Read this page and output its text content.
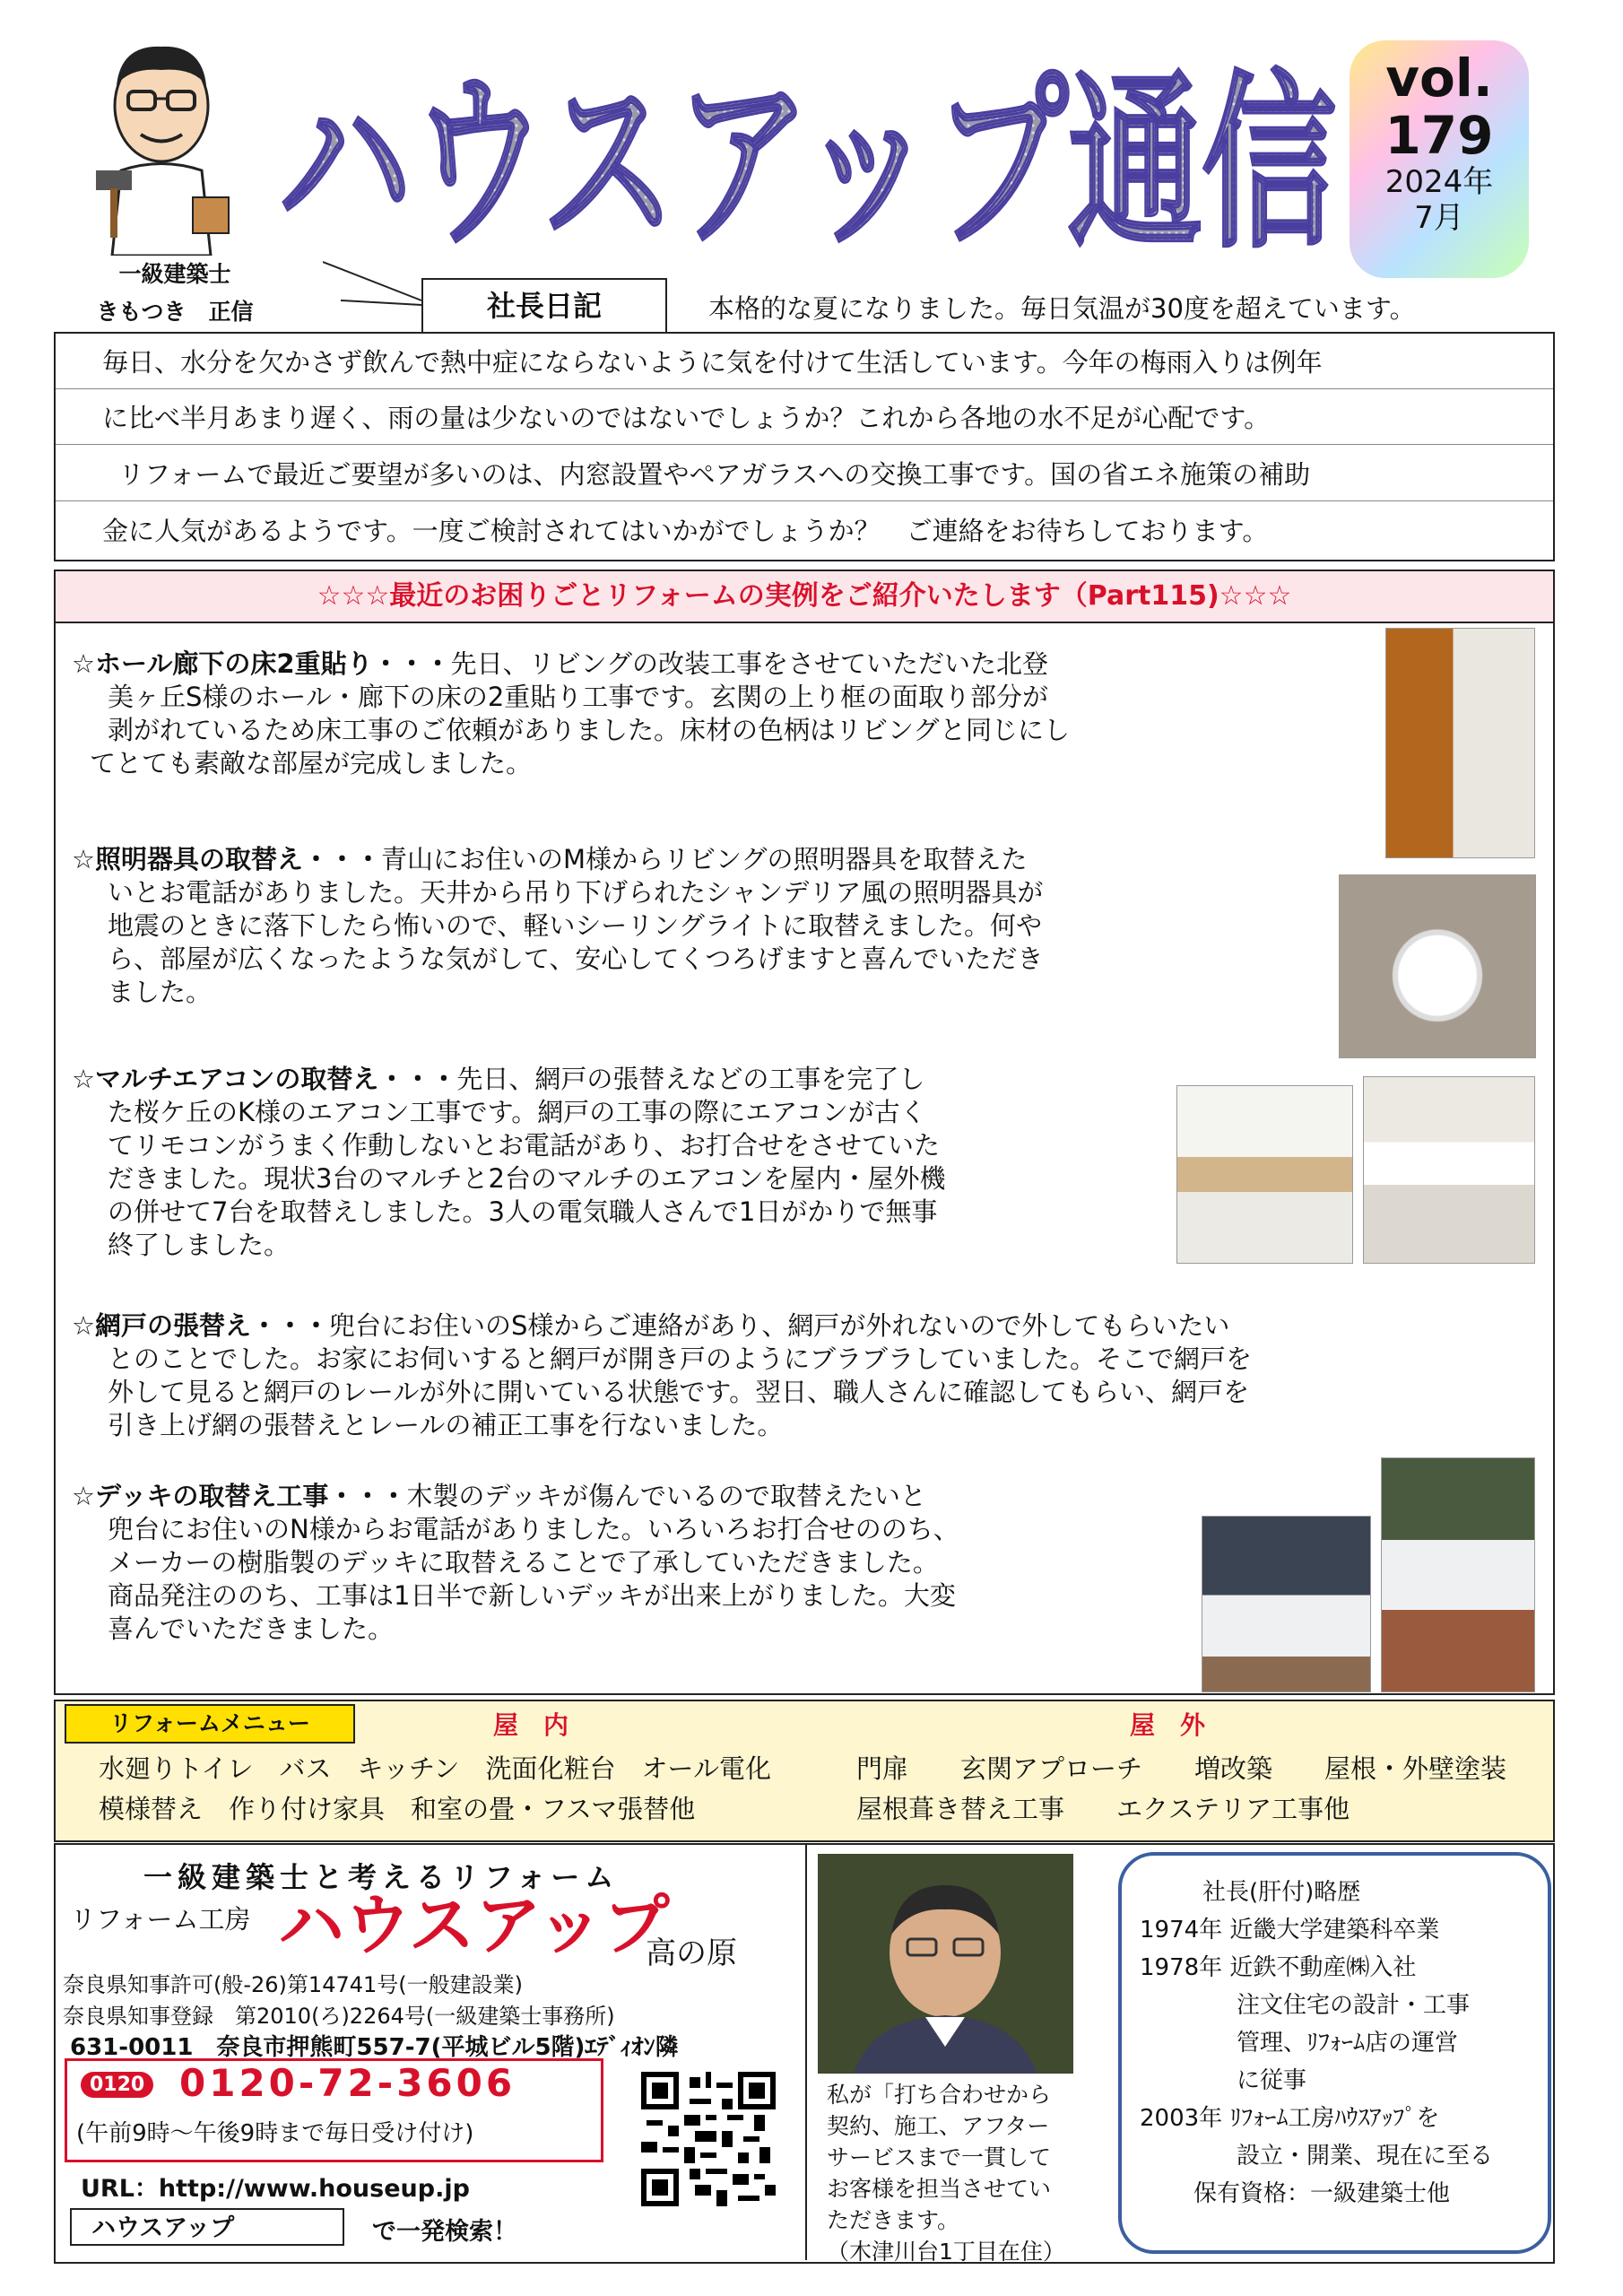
ハウスアップ通信 vol.
179
2024年
7月
一級建築士
きもつき　正信
毎日、水分を欠かさず飲んで熱中症にならないように気を付けて生活しています。今年の梅雨入りは例年
に比べ半月あまり遅く、雨の量は少ないのではないでしょうか？これから各地の水不足が心配です。
リフォームで最近ご要望が多いのは、内窓設置やペアガラスへの交換工事です。国の省エネ施策の補助
金に人気があるようです。一度ご検討されてはいかがでしょうか？　ご連絡をお待ちしております。
社長日記	本格的な夏になりました。毎日気温が30度を超えています。
☆☆☆最近のお困りごとリフォームの実例をご紹介いたします（Part115)☆☆☆
☆ホール廊下の床2重貼り・・・先日、リビングの改装工事をさせていただいた北登
美ヶ丘S様のホール・廊下の床の2重貼り工事です。玄関の上り框の面取り部分が
剥がれているため床工事のご依頼がありました。床材の色柄はリビングと同じにし
てとても素敵な部屋が完成しました。
☆照明器具の取替え・・・青山にお住いのM様からリビングの照明器具を取替えた
いとお電話がありました。天井から吊り下げられたシャンデリア風の照明器具が
地震のときに落下したら怖いので、軽いシーリングライトに取替えました。何や
ら、部屋が広くなったような気がして、安心してくつろげますと喜んでいただき
ました。
☆マルチエアコンの取替え・・・先日、網戸の張替えなどの工事を完了し
た桜ケ丘のK様のエアコン工事です。網戸の工事の際にエアコンが古く
てリモコンがうまく作動しないとお電話があり、お打合せをさせていた
だきました。現状3台のマルチと2台のマルチのエアコンを屋内・屋外機
の併せて7台を取替えしました。3人の電気職人さんで1日がかりで無事
終了しました。
☆網戸の張替え・・・兜台にお住いのS様からご連絡があり、網戸が外れないので外してもらいたい
とのことでした。お家にお伺いすると網戸が開き戸のようにブラブラしていました。そこで網戸を
外して見ると網戸のレールが外に開いている状態です。翌日、職人さんに確認してもらい、網戸を
引き上げ網の張替えとレールの補正工事を行ないました。
☆デッキの取替え工事・・・木製のデッキが傷んでいるので取替えたいと
兜台にお住いのN様からお電話がありました。いろいろお打合せののち、
メーカーの樹脂製のデッキに取替えることで了承していただきました。
商品発注ののち、工事は1日半で新しいデッキが出来上がりました。大変
喜んでいただきました。
リフォームメニュー	屋　内	屋　外
水廻りトイレ　バス　キッチン　洗面化粧台　オール電化
模様替え　作り付け家具　和室の畳・フスマ張替他
門扉　　玄関アプローチ　　増改築　　屋根・外壁塗装
屋根葺き替え工事　　エクステリア工事他
一級建築士と考えるリフォーム
リフォーム工房 ハウスアップ
高の原
奈良県知事許可(般-26)第14741号(一般建設業)
奈良県知事登録　第2010(ろ)2264号(一級建築士事務所)
631-0011　奈良市押熊町557-7(平城ビル5階)ｴﾃﾞｨｵﾝ隣
0120 0120-72-3606
(午前9時～午後9時まで毎日受け付け)
URL：http://www.houseup.jp
ハウスアップ	で一発検索！
私が「打ち合わせから
契約、施工、アフター
サービスまで一貫して
お客様を担当させてい
ただきます。
（木津川台1丁目在住）
社長(肝付)略歴
1974年 近畿大学建築科卒業
1978年 近鉄不動産㈱入社
注文住宅の設計・工事
管理、ﾘﾌｫｰﾑ店の運営
に従事
2003年 ﾘﾌｫｰﾑ工房ﾊｳｽｱｯﾌﾟを
設立・開業、現在に至る
保有資格：一級建築士他
